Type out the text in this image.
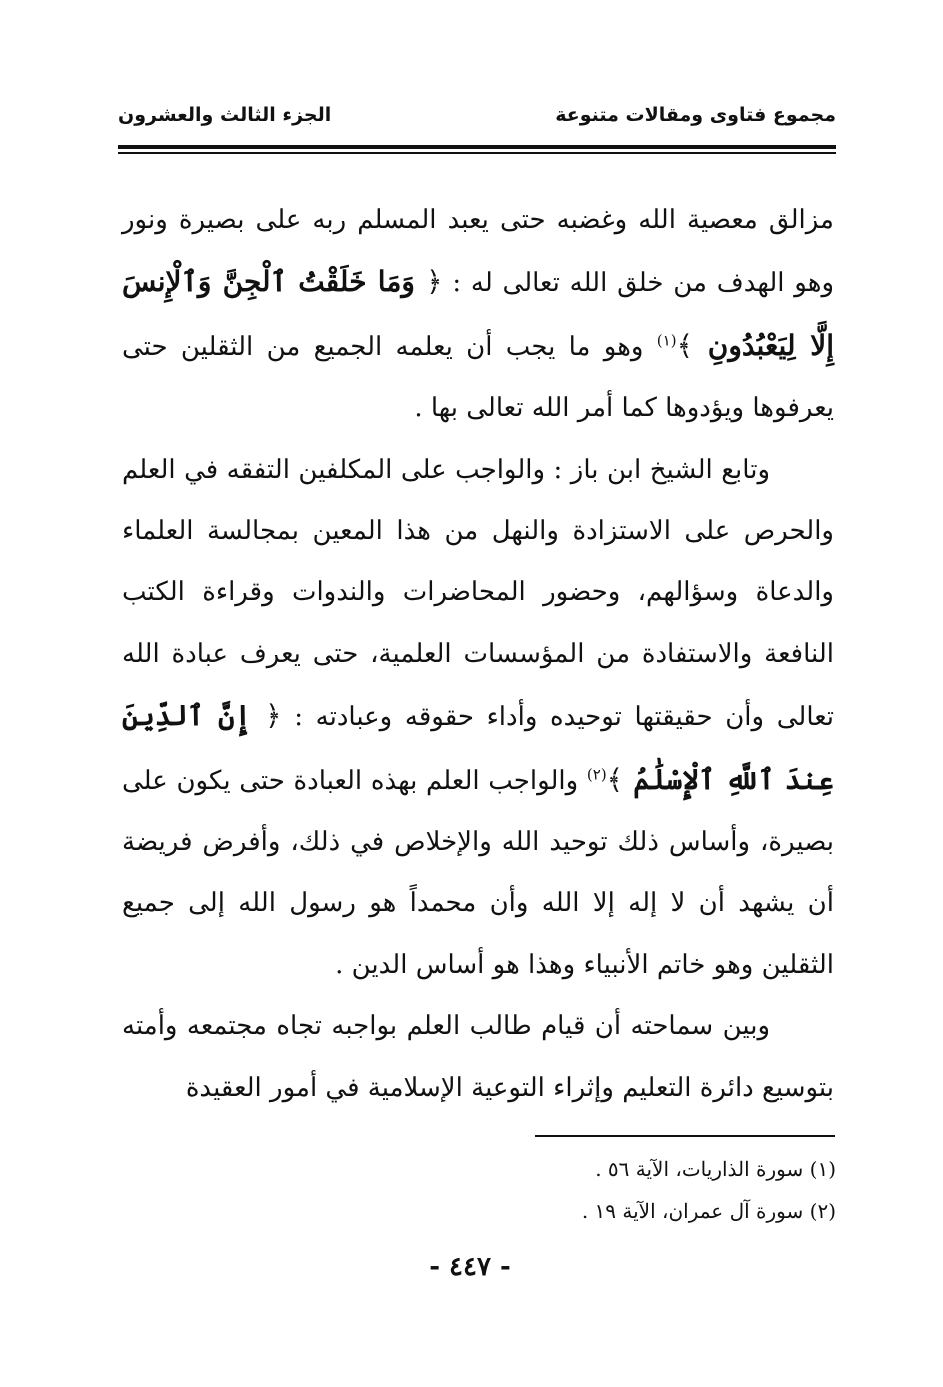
مجموع فتاوى ومقالات متنوعة
الجزء الثالث والعشرون

مزالق معصية الله وغضبه حتى يعبد المسلم ربه على بصيرة ونور وهو الهدف من خلق الله تعالى له : ﴿ وَمَا خَلَقْتُ ٱلْجِنَّ وَٱلْإِنسَ إِلَّا لِيَعْبُدُونِ ﴾$^{(١)}$ وهو ما يجب أن يعلمه الجميع من الثقلين حتى يعرفوها ويؤدوها كما أمر الله تعالى بها .

وتابع الشيخ ابن باز : والواجب على المكلفين التفقه في العلم والحرص على الاستزادة والنهل من هذا المعين بمجالسة العلماء والدعاة وسؤالهم، وحضور المحاضرات والندوات وقراءة الكتب النافعة والاستفادة من المؤسسات العلمية، حتى يعرف عبادة الله تعالى وأن حقيقتها توحيده وأداء حقوقه وعبادته : ﴿ إِنَّ ٱلدِّينَ عِندَ ٱللَّهِ ٱلْإِسْلَٰمُ ﴾$^{(٢)}$ والواجب العلم بهذه العبادة حتى يكون على بصيرة، وأساس ذلك توحيد الله والإخلاص في ذلك، وأفرض فريضة أن يشهد أن لا إله إلا الله وأن محمداً هو رسول الله إلى جميع الثقلين وهو خاتم الأنبياء وهذا هو أساس الدين .

وبين سماحته أن قيام طالب العلم بواجبه تجاه مجتمعه وأمته بتوسيع دائرة التعليم وإثراء التوعية الإسلامية في أمور العقيدة

(١) سورة الذاريات، الآية ٥٦ .
(٢) سورة آل عمران، الآية ١٩ .
- ٤٤٧ -
